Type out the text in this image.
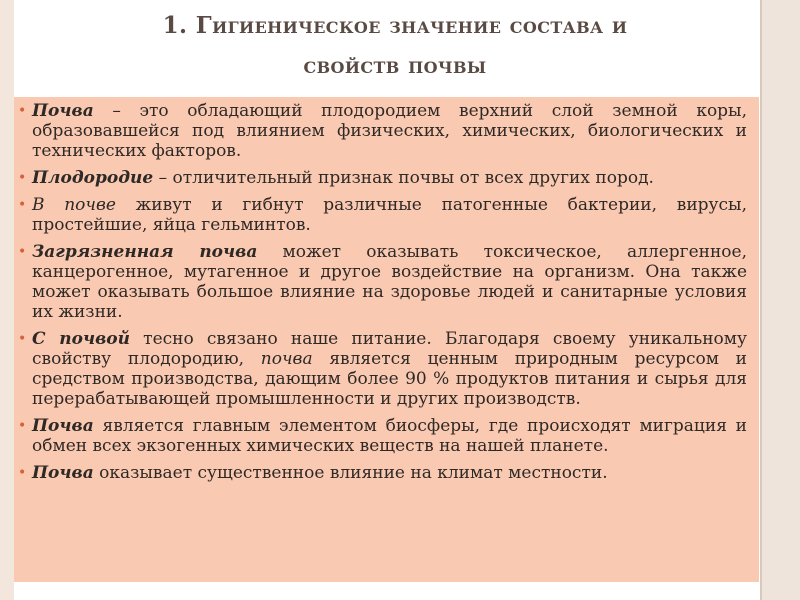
1. Гигиеническое значение состава и
свойств почвы
• Почва – это обладающий плодородием верхний слой земной коры, образовавшейся под влиянием физических, химических, биологических и технических факторов.
• Плодородие – отличительный признак почвы от всех других пород.
• В почве живут и гибнут различные патогенные бактерии, вирусы, простейшие, яйца гельминтов.
• Загрязненная почва может оказывать токсическое, аллергенное, канцерогенное, мутагенное и другое воздействие на организм. Она также может оказывать большое влияние на здоровье людей и санитарные условия их жизни.
• С почвой тесно связано наше питание. Благодаря своему уникальному свойству плодородию, почва является ценным природным ресурсом и средством производства, дающим более 90 % продуктов питания и сырья для перерабатывающей промышленности и других производств.
• Почва является главным элементом биосферы, где происходят миграция и обмен всех экзогенных химических веществ на нашей планете.
• Почва оказывает существенное влияние на климат местности.
